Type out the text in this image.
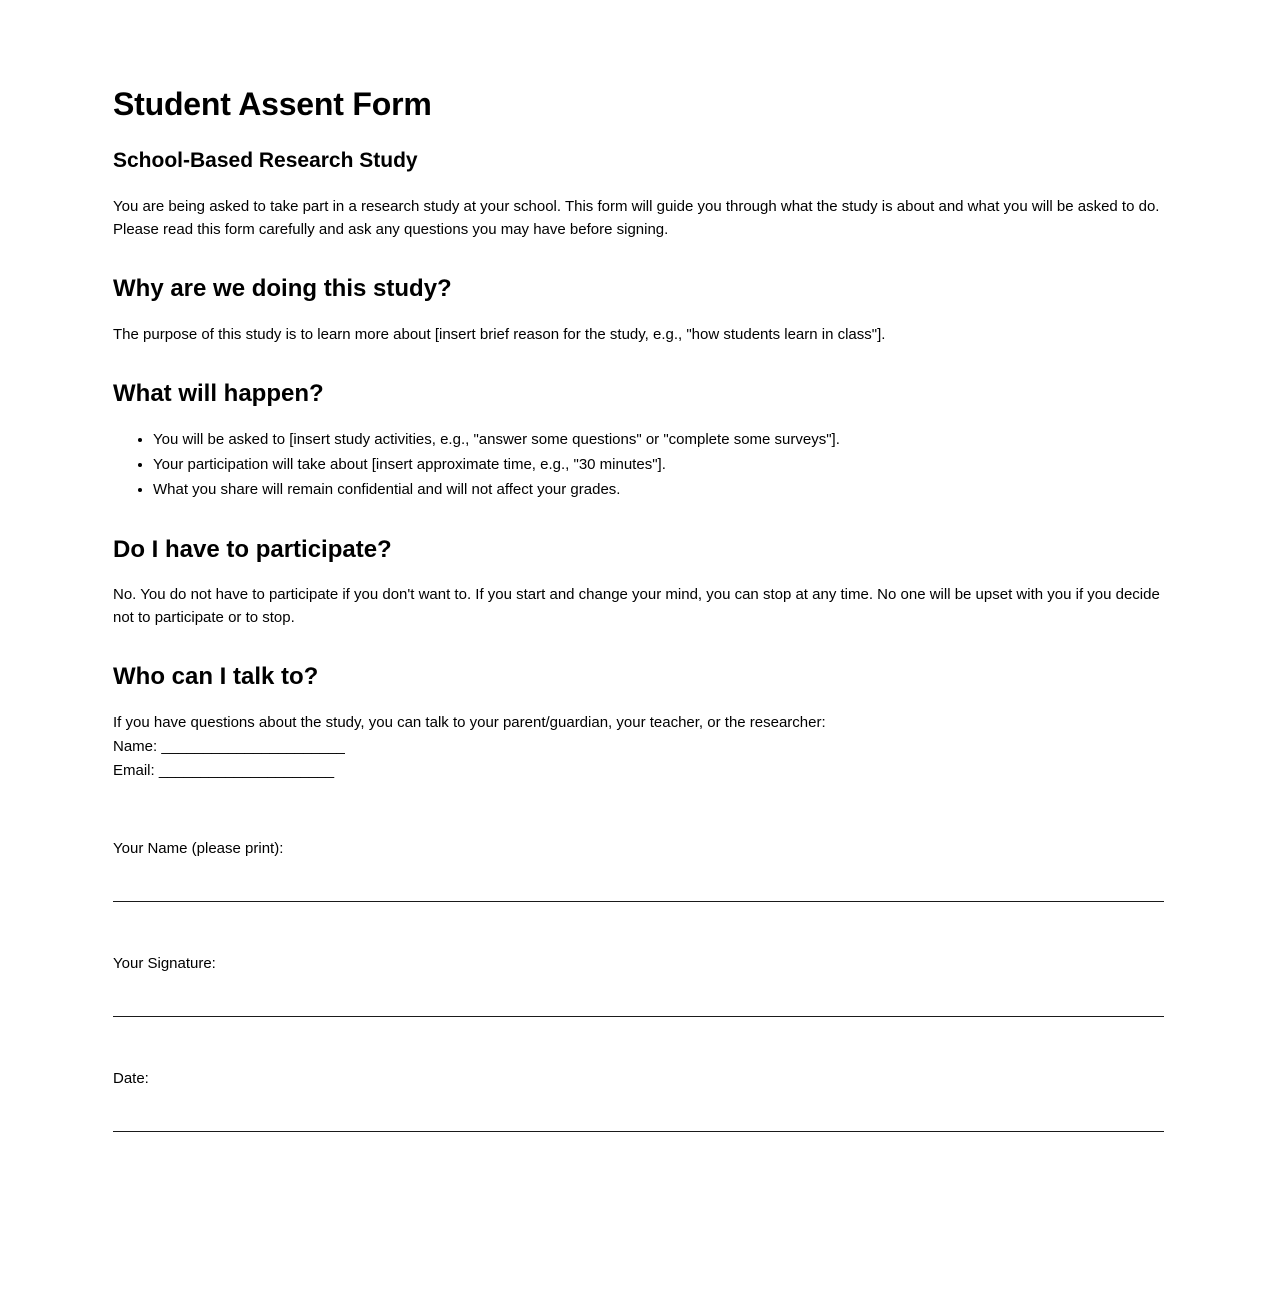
Student Assent Form
School-Based Research Study

You are being asked to take part in a research study at your school. This form will guide you through what the study is about and what you will be asked to do. Please read this form carefully and ask any questions you may have before signing.

Why are we doing this study?

The purpose of this study is to learn more about [insert brief reason for the study, e.g., "how students learn in class"].

What will happen?
• You will be asked to [insert study activities, e.g., "answer some questions" or "complete some surveys"].
• Your participation will take about [insert approximate time, e.g., "30 minutes"].
• What you share will remain confidential and will not affect your grades.
Do I have to participate?

No. You do not have to participate if you don't want to. If you start and change your mind, you can stop at any time. No one will be upset with you if you decide not to participate or to stop.

Who can I talk to?

If you have questions about the study, you can talk to your parent/guardian, your teacher, or the researcher:

Name: ______________________
Email: _____________________
Your Name (please print):
Your Signature:
Date:
